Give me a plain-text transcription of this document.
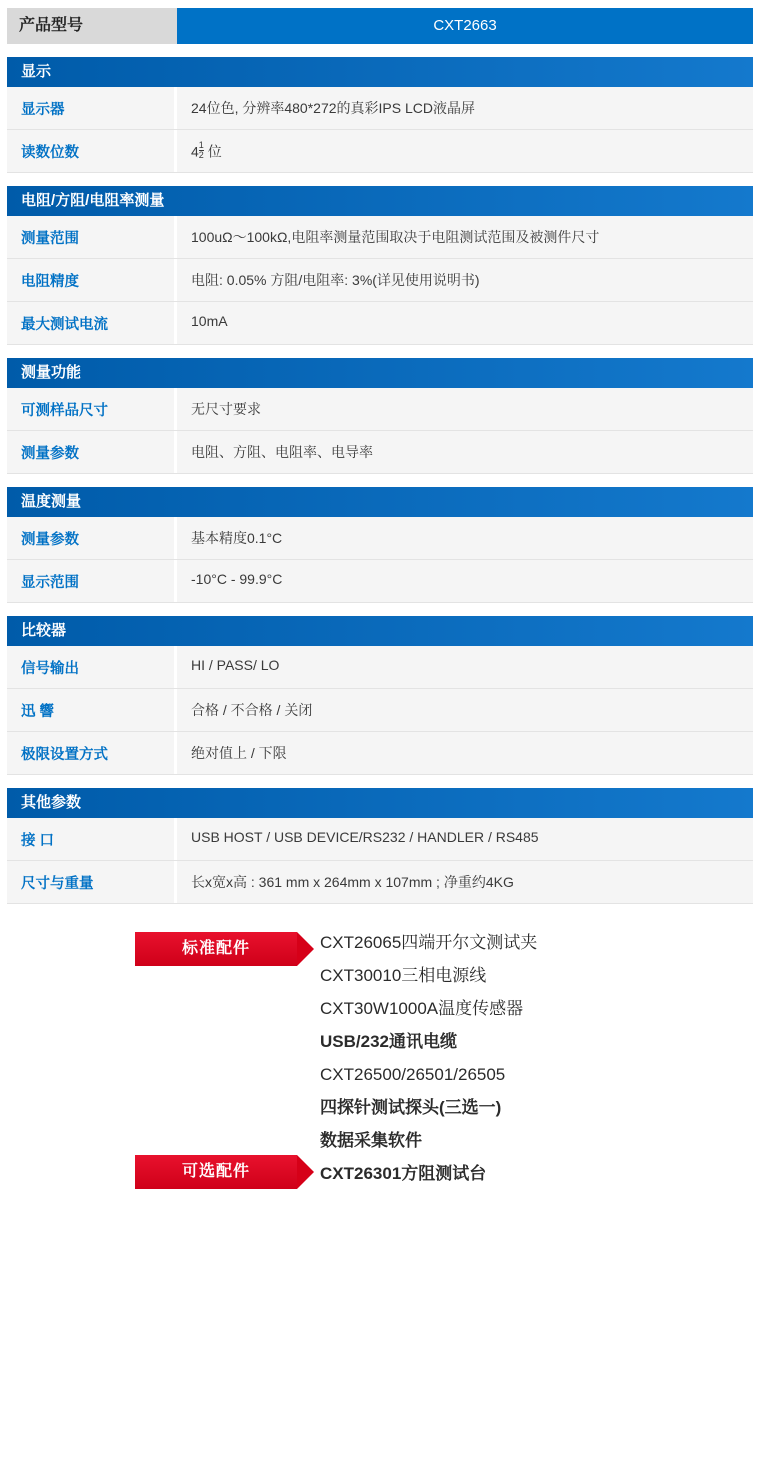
产品型号	CXT2663
显示
显示器	24位色, 分辨率480*272的真彩IPS LCD液晶屏
读数位数	$4 \frac{1}{2}$ 位
电阻/方阻/电阻率测量
测量范围	100uΩ～100kΩ,电阻率测量范围取决于电阻测试范围及被测件尺寸
电阻精度	电阻: 0.05% 方阻/电阻率: 3%(详见使用说明书)
最大测试电流	10mA
测量功能
可测样品尺寸	无尺寸要求
测量参数	电阻、方阻、电阻率、电导率
温度测量
测量参数	基本精度0.1°C
显示范围	-10°C - 99.9°C
比较器
信号输出	HI / PASS/ LO
迅 響	合格 / 不合格 / 关闭
极限设置方式	绝对值上 / 下限
其他参数
接 口	USB HOST / USB DEVICE/RS232 / HANDLER / RS485
尺寸与重量	长x宽x高 : 361 mm x 264mm x 107mm ; 净重约4KG
标准配件
可选配件
CXT26065四端开尔文测试夹
CXT30010三相电源线
CXT30W1000A温度传感器
USB/232通讯电缆
CXT26500/26501/26505
四探针测试探头(三选一)
数据采集软件
CXT26301方阻测试台
